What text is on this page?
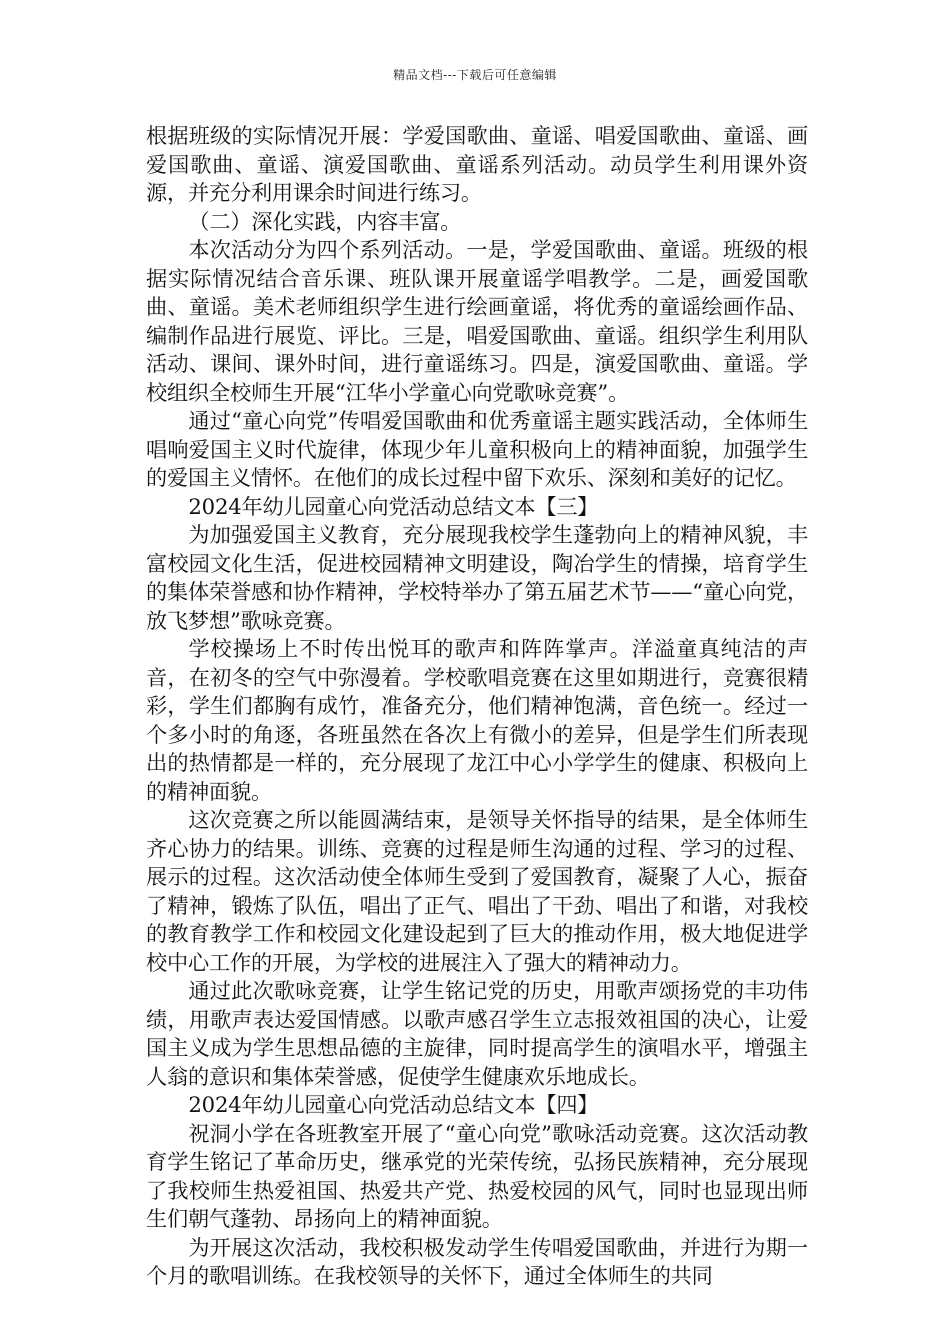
精品文档---下载后可任意编辑

根据班级的实际情况开展：学爱国歌曲、童谣、唱爱国歌曲、童谣、画爱国歌曲、童谣、演爱国歌曲、童谣系列活动。动员学生利用课外资源，并充分利用课余时间进行练习。

（二）深化实践，内容丰富。

本次活动分为四个系列活动。一是，学爱国歌曲、童谣。班级的根据实际情况结合音乐课、班队课开展童谣学唱教学。二是，画爱国歌曲、童谣。美术老师组织学生进行绘画童谣，将优秀的童谣绘画作品、编制作品进行展览、评比。三是，唱爱国歌曲、童谣。组织学生利用队活动、课间、课外时间，进行童谣练习。四是，演爱国歌曲、童谣。学校组织全校师生开展“江华小学童心向党歌咏竞赛”。

通过“童心向党”传唱爱国歌曲和优秀童谣主题实践活动，全体师生唱响爱国主义时代旋律，体现少年儿童积极向上的精神面貌，加强学生的爱国主义情怀。在他们的成长过程中留下欢乐、深刻和美好的记忆。

2024年幼儿园童心向党活动总结文本【三】

为加强爱国主义教育，充分展现我校学生蓬勃向上的精神风貌，丰富校园文化生活，促进校园精神文明建设，陶冶学生的情操，培育学生的集体荣誉感和协作精神，学校特举办了第五届艺术节——“童心向党，放飞梦想”歌咏竞赛。

学校操场上不时传出悦耳的歌声和阵阵掌声。洋溢童真纯洁的声音，在初冬的空气中弥漫着。学校歌唱竞赛在这里如期进行，竞赛很精彩，学生们都胸有成竹，准备充分，他们精神饱满，音色统一。经过一个多小时的角逐，各班虽然在各次上有微小的差异，但是学生们所表现出的热情都是一样的，充分展现了龙江中心小学学生的健康、积极向上的精神面貌。

这次竞赛之所以能圆满结束，是领导关怀指导的结果，是全体师生齐心协力的结果。训练、竞赛的过程是师生沟通的过程、学习的过程、展示的过程。这次活动使全体师生受到了爱国教育，凝聚了人心，振奋了精神，锻炼了队伍，唱出了正气、唱出了干劲、唱出了和谐，对我校的教育教学工作和校园文化建设起到了巨大的推动作用，极大地促进学校中心工作的开展，为学校的进展注入了强大的精神动力。

通过此次歌咏竞赛，让学生铭记党的历史，用歌声颂扬党的丰功伟绩，用歌声表达爱国情感。以歌声感召学生立志报效祖国的决心，让爱国主义成为学生思想品德的主旋律，同时提高学生的演唱水平，增强主人翁的意识和集体荣誉感，促使学生健康欢乐地成长。

2024年幼儿园童心向党活动总结文本【四】

祝洞小学在各班教室开展了“童心向党”歌咏活动竞赛。这次活动教育学生铭记了革命历史，继承党的光荣传统，弘扬民族精神，充分展现了我校师生热爱祖国、热爱共产党、热爱校园的风气，同时也显现出师生们朝气蓬勃、昂扬向上的精神面貌。

为开展这次活动，我校积极发动学生传唱爱国歌曲，并进行为期一个月的歌唱训练。在我校领导的关怀下，通过全体师生的共同
